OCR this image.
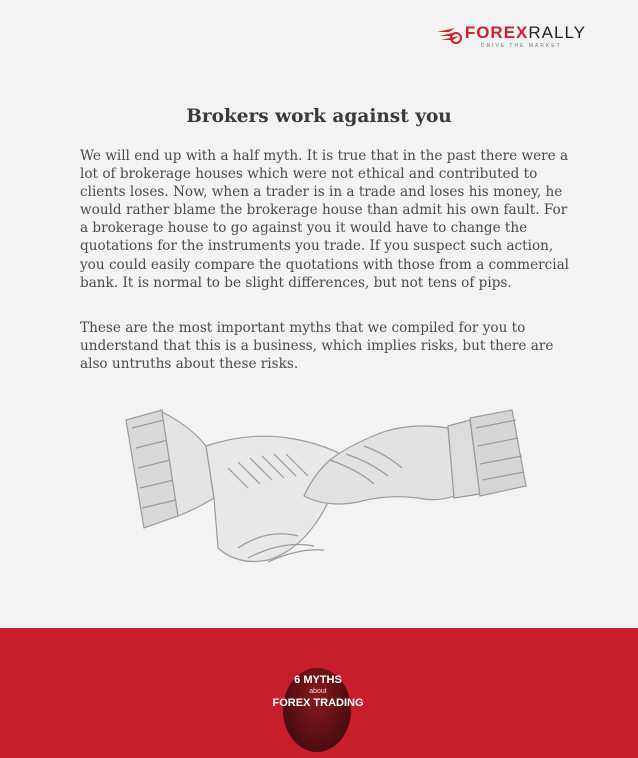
FOREXRALLY
DRIVE THE MARKET
Brokers work against you

We will end up with a half myth. It is true that in the past there were a lot of brokerage houses which were not ethical and contributed to clients loses. Now, when a trader is in a trade and loses his money, he would rather blame the brokerage house than admit his own fault. For a brokerage house to go against you it would have to change the quotations for the instruments you trade. If you suspect such action, you could easily compare the quotations with those from a commercial bank. It is normal to be slight differences, but not tens of pips.

These are the most important myths that we compiled for you to understand that this is a business, which implies risks, but there are also untruths about these risks.

6 MYTHS
about
FOREX TRADING
